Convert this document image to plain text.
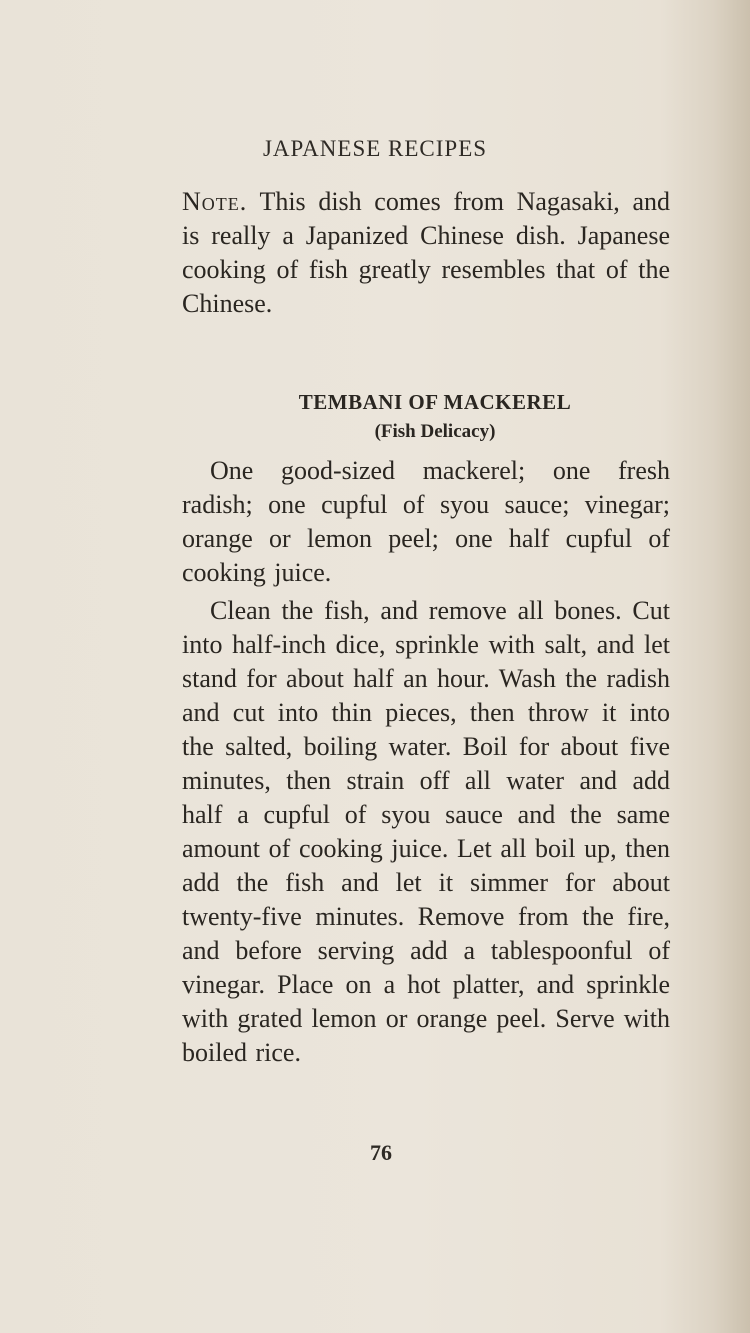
JAPANESE RECIPES

Note. This dish comes from Nagasaki, and is really a Japanized Chinese dish. Japanese cooking of fish greatly resembles that of the Chinese.

TEMBANI OF MACKEREL
(Fish Delicacy)

One good-sized mackerel; one fresh radish; one cupful of syou sauce; vinegar; orange or lemon peel; one half cupful of cooking juice.

Clean the fish, and remove all bones. Cut into half-inch dice, sprinkle with salt, and let stand for about half an hour. Wash the radish and cut into thin pieces, then throw it into the salted, boiling water. Boil for about five minutes, then strain off all water and add half a cupful of syou sauce and the same amount of cooking juice. Let all boil up, then add the fish and let it simmer for about twenty-five minutes. Remove from the fire, and before serving add a tablespoonful of vinegar. Place on a hot platter, and sprinkle with grated lemon or orange peel. Serve with boiled rice.

76
